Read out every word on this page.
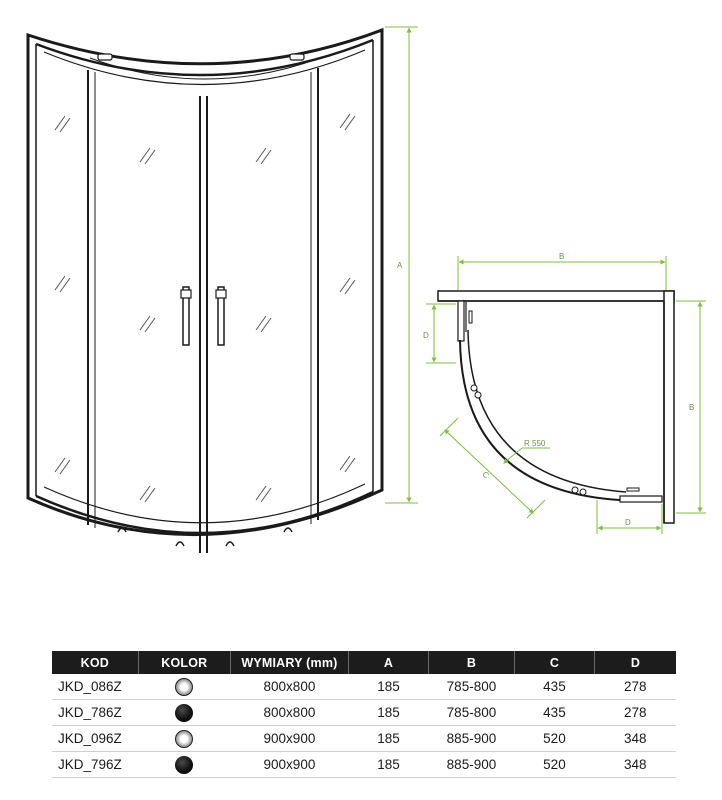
A
B
B
D
D
C
R 550
KOD	KOLOR	WYMIARY (mm)	A	B	C	D
JKD_086Z		800x800	185	785-800	435	278
JKD_786Z		800x800	185	785-800	435	278
JKD_096Z		900x900	185	885-900	520	348
JKD_796Z		900x900	185	885-900	520	348
